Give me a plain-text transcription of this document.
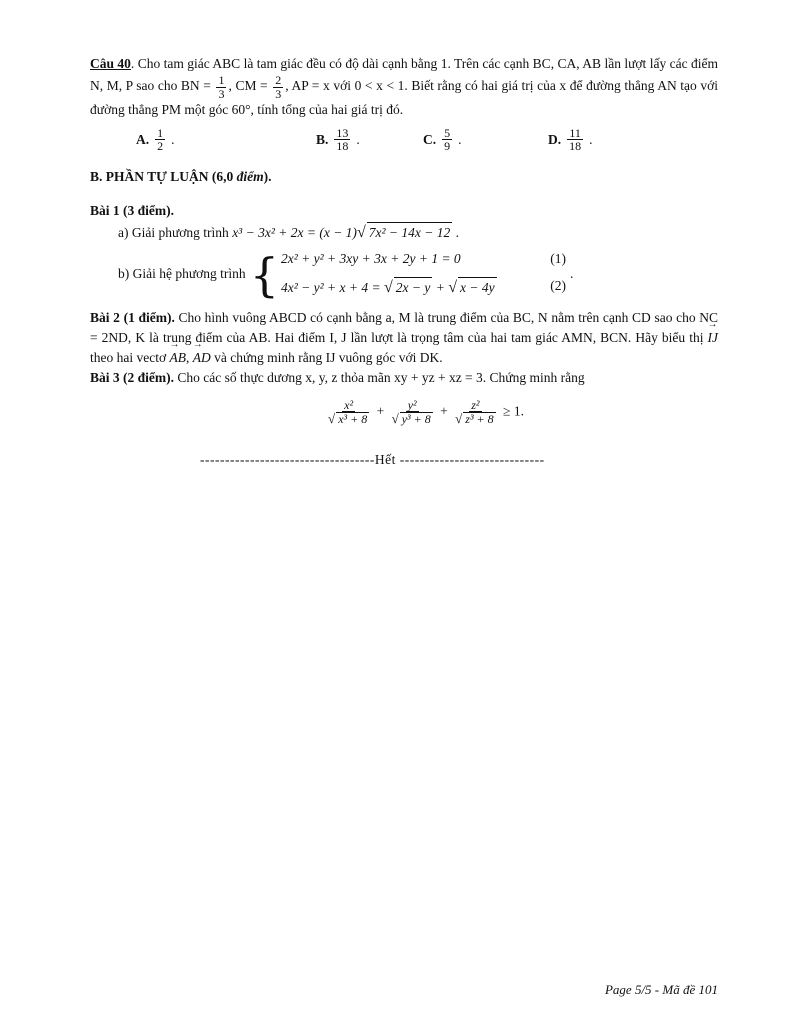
Câu 40. Cho tam giác ABC là tam giác đều có độ dài cạnh bằng 1. Trên các cạnh BC, CA, AB lần lượt lấy các điểm N, M, P sao cho BN = $\frac{1}{3}$ , CM = $\frac{2}{3}$ , AP = x với 0 < x < 1. Biết rằng có hai giá trị của x để đường thẳng AN tạo với đường thẳng PM một góc 60°, tính tổng của hai giá trị đó.

A. $\frac{1}{2}$ .	B. $\frac{13}{18}$ .	C. $\frac{5}{9}$ .	D. $\frac{11}{18}$ .

B. PHẦN TỰ LUẬN (6,0 điểm).

Bài 1 (3 điểm).

a) Giải phương trình x³ − 3x² + 2x = (x − 1)√ 7x² − 14x − 12 .

b) Giải hệ phương trình { 2x² + y² + 3xy + 3x + 2y + 1 = 0	(1)
4x² − y² + x + 4 = √ 2x − y + √ x − 4y	(2)
.

Bài 2 (1 điểm). Cho hình vuông ABCD có cạnh bằng a, M là trung điểm của BC, N nằm trên cạnh CD sao cho NC = 2ND, K là trung điểm của AB. Hai điểm I, J lần lượt là trọng tâm của hai tam giác AMN, BCN. Hãy biểu thị → IJ theo hai vectơ → AB, → AD và chứng minh rằng IJ vuông góc với DK.

Bài 3 (2 điểm). Cho các số thực dương x, y, z thỏa mãn xy + yz + xz = 3. Chứng minh rằng

$\frac{\text{x²}}{\text{√ x³ + 8}} + \frac{\text{y²}}{\text{√ y³ + 8}} + \frac{\text{z²}}{\text{√ z³ + 8}} \ge 1$.
-----------------------------------Hết -----------------------------
Page 5/5 - Mã đề 101
